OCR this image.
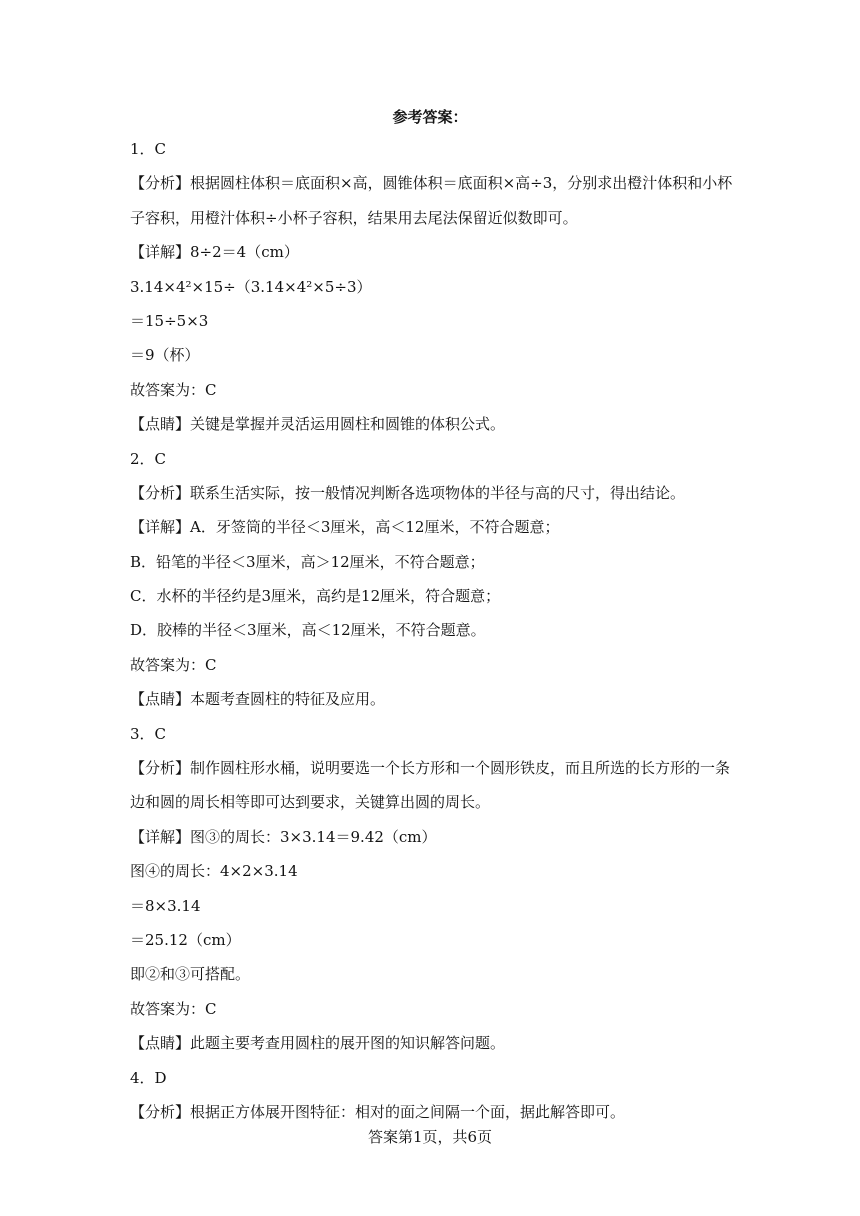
参考答案：
1．C
【分析】根据圆柱体积＝底面积×高，圆锥体积＝底面积×高÷3，分别求出橙汁体积和小杯
子容积，用橙汁体积÷小杯子容积，结果用去尾法保留近似数即可。
【详解】8÷2＝4（cm）
3.14×4²×15÷（3.14×4²×5÷3）
＝15÷5×3
＝9（杯）
故答案为：C
【点睛】关键是掌握并灵活运用圆柱和圆锥的体积公式。
2．C
【分析】联系生活实际，按一般情况判断各选项物体的半径与高的尺寸，得出结论。
【详解】A．牙签筒的半径＜3厘米，高＜12厘米，不符合题意；
B．铅笔的半径＜3厘米，高＞12厘米，不符合题意；
C．水杯的半径约是3厘米，高约是12厘米，符合题意；
D．胶棒的半径＜3厘米，高＜12厘米，不符合题意。
故答案为：C
【点睛】本题考查圆柱的特征及应用。
3．C
【分析】制作圆柱形水桶，说明要选一个长方形和一个圆形铁皮，而且所选的长方形的一条
边和圆的周长相等即可达到要求，关键算出圆的周长。
【详解】图③的周长：3×3.14＝9.42（cm）
图④的周长：4×2×3.14
＝8×3.14
＝25.12（cm）
即②和③可搭配。
故答案为：C
【点睛】此题主要考查用圆柱的展开图的知识解答问题。
4．D
【分析】根据正方体展开图特征：相对的面之间隔一个面，据此解答即可。
答案第1页，共6页
